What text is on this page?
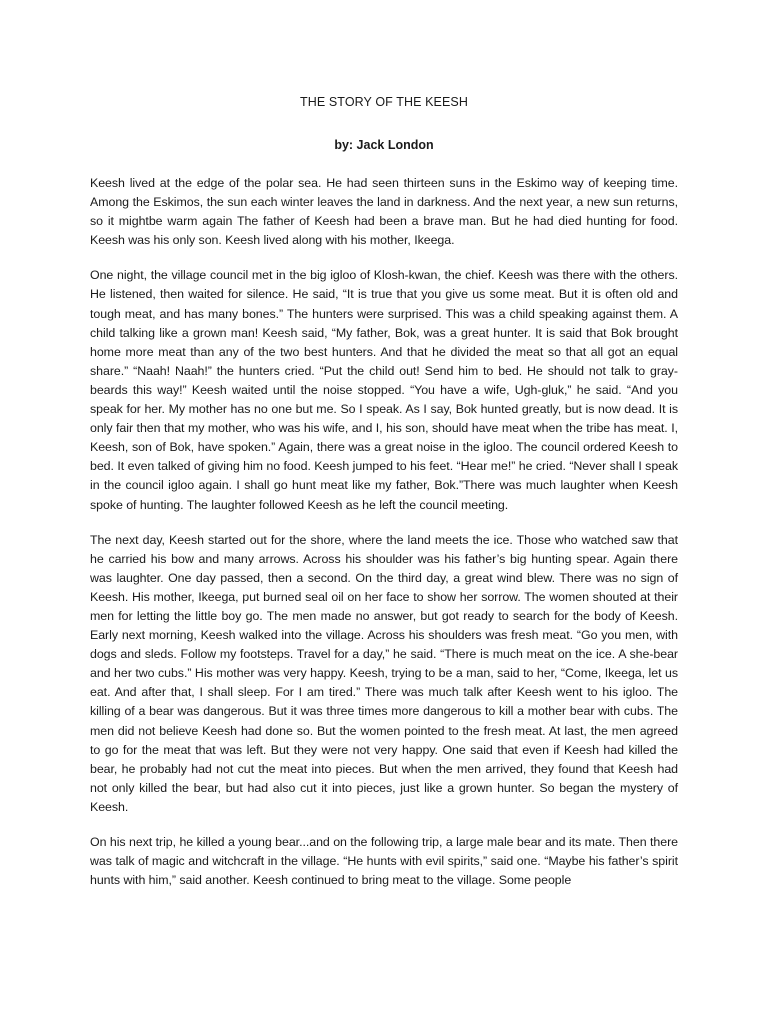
THE STORY OF THE KEESH
by: Jack London

Keesh lived at the edge of the polar sea. He had seen thirteen suns in the Eskimo way of keeping time. Among the Eskimos, the sun each winter leaves the land in darkness. And the next year, a new sun returns, so it mightbe warm again The father of Keesh had been a brave man. But he had died hunting for food. Keesh was his only son. Keesh lived along with his mother, Ikeega.

One night, the village council met in the big igloo of Klosh-kwan, the chief. Keesh was there with the others. He listened, then waited for silence. He said, “It is true that you give us some meat. But it is often old and tough meat, and has many bones.” The hunters were surprised. This was a child speaking against them. A child talking like a grown man! Keesh said, “My father, Bok, was a great hunter. It is said that Bok brought home more meat than any of the two best hunters. And that he divided the meat so that all got an equal share.” “Naah! Naah!” the hunters cried. “Put the child out! Send him to bed. He should not talk to gray-beards this way!” Keesh waited until the noise stopped. “You have a wife, Ugh-gluk,” he said. “And you speak for her. My mother has no one but me. So I speak. As I say, Bok hunted greatly, but is now dead. It is only fair then that my mother, who was his wife, and I, his son, should have meat when the tribe has meat. I, Keesh, son of Bok, have spoken.” Again, there was a great noise in the igloo. The council ordered Keesh to bed. It even talked of giving him no food. Keesh jumped to his feet. “Hear me!” he cried. “Never shall I speak in the council igloo again. I shall go hunt meat like my father, Bok.”There was much laughter when Keesh spoke of hunting. The laughter followed Keesh as he left the council meeting.

The next day, Keesh started out for the shore, where the land meets the ice. Those who watched saw that he carried his bow and many arrows. Across his shoulder was his father’s big hunting spear. Again there was laughter. One day passed, then a second. On the third day, a great wind blew. There was no sign of Keesh. His mother, Ikeega, put burned seal oil on her face to show her sorrow. The women shouted at their men for letting the little boy go. The men made no answer, but got ready to search for the body of Keesh. Early next morning, Keesh walked into the village. Across his shoulders was fresh meat. “Go you men, with dogs and sleds. Follow my footsteps. Travel for a day,” he said. “There is much meat on the ice. A she-bear and her two cubs.” His mother was very happy. Keesh, trying to be a man, said to her, “Come, Ikeega, let us eat. And after that, I shall sleep. For I am tired.” There was much talk after Keesh went to his igloo. The killing of a bear was dangerous. But it was three times more dangerous to kill a mother bear with cubs. The men did not believe Keesh had done so. But the women pointed to the fresh meat. At last, the men agreed to go for the meat that was left. But they were not very happy. One said that even if Keesh had killed the bear, he probably had not cut the meat into pieces. But when the men arrived, they found that Keesh had not only killed the bear, but had also cut it into pieces, just like a grown hunter. So began the mystery of Keesh.

On his next trip, he killed a young bear...and on the following trip, a large male bear and its mate. Then there was talk of magic and witchcraft in the village. “He hunts with evil spirits,” said one. “Maybe his father’s spirit hunts with him,” said another. Keesh continued to bring meat to the village. Some people
